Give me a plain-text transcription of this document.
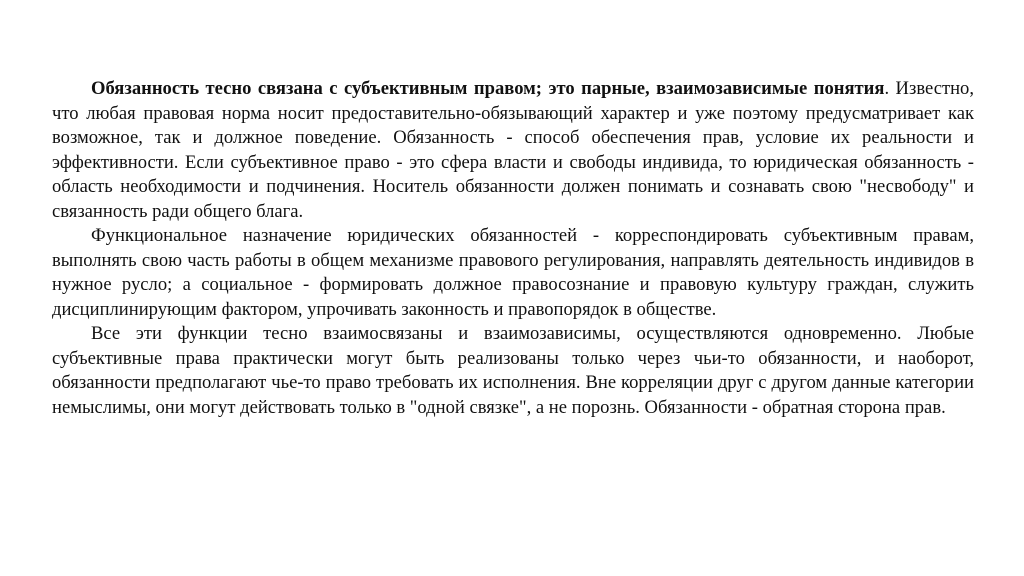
Обязанность тесно связана с субъективным правом; это парные, взаимозависимые понятия. Известно, что любая правовая норма носит предоставительно-обязывающий характер и уже поэтому предусматривает как возможное, так и должное поведение. Обязанность - способ обеспечения прав, условие их реальности и эффективности. Если субъективное право - это сфера власти и свободы индивида, то юридическая обязанность - область необходимости и подчинения. Носитель обязанности должен понимать и сознавать свою "несвободу" и связанность ради общего блага.

Функциональное назначение юридических обязанностей - корреспондировать субъективным правам, выполнять свою часть работы в общем механизме правового регулирования, направлять деятельность индивидов в нужное русло; а социальное - формировать должное правосознание и правовую культуру граждан, служить дисциплинирующим фактором, упрочивать законность и правопорядок в обществе.

Все эти функции тесно взаимосвязаны и взаимозависимы, осуществляются одновременно. Любые субъективные права практически могут быть реализованы только через чьи-то обязанности, и наоборот, обязанности предполагают чье-то право требовать их исполнения. Вне корреляции друг с другом данные категории немыслимы, они могут действовать только в "одной связке", а не порознь. Обязанности - обратная сторона прав.
